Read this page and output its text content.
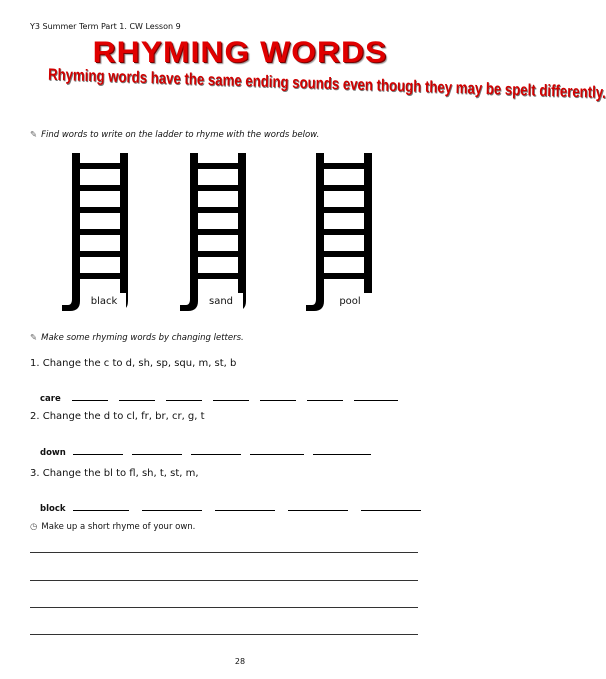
Y3 Summer Term Part 1. CW Lesson 9
RHYMING WORDS
Rhyming words have the same ending sounds even though they may be spelt differently.
✎ Find words to write on the ladder to rhyme with the words below.
black	sand	pool
✎ Make some rhyming words by changing letters.
1. Change the c to d, sh, sp, squ, m, st, b
care
2. Change the d to cl, fr, br, cr, g, t
down
3. Change the bl to fl, sh, t, st, m,
block
◷ Make up a short rhyme of your own.
28
